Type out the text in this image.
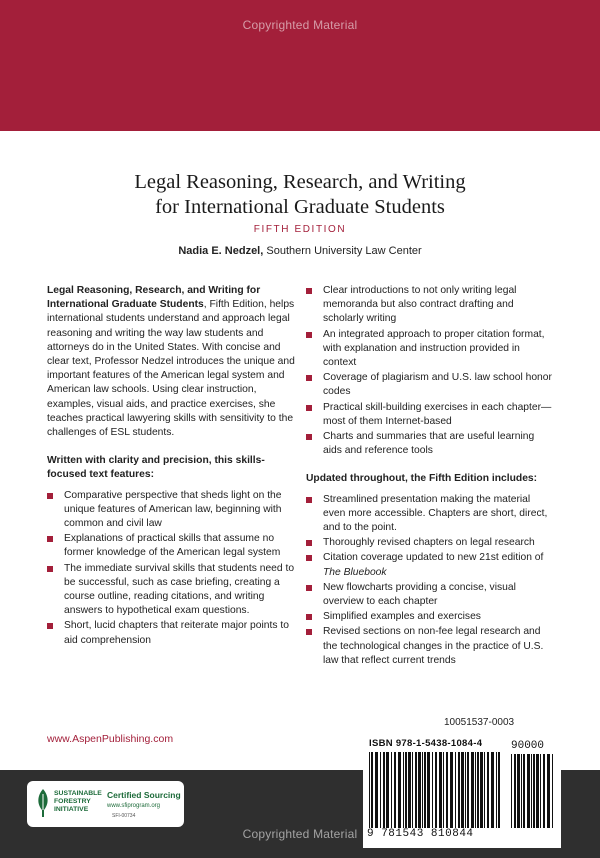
Copyrighted Material
Legal Reasoning, Research, and Writing
for International Graduate Students
FIFTH EDITION
Nadia E. Nedzel, Southern University Law Center

Legal Reasoning, Research, and Writing for International Graduate Students, Fifth Edition, helps international students understand and approach legal reasoning and writing the way law students and attorneys do in the United States. With concise and clear text, Professor Nedzel introduces the unique and important features of the American legal system and American law schools. Using clear instruction, examples, visual aids, and practice exercises, she teaches practical lawyering skills with sensitivity to the challenges of ESL students.

Written with clarity and precision, this skills-focused text features:

Comparative perspective that sheds light on the unique features of American law, beginning with common and civil law
Explanations of practical skills that assume no former knowledge of the American legal system
The immediate survival skills that students need to be successful, such as case briefing, creating a course outline, reading citations, and writing answers to hypothetical exam questions.
Short, lucid chapters that reiterate major points to aid comprehension
Clear introductions to not only writing legal memoranda but also contract drafting and scholarly writing
An integrated approach to proper citation format, with explanation and instruction provided in context
Coverage of plagiarism and U.S. law school honor codes
Practical skill-building exercises in each chapter—most of them Internet-based
Charts and summaries that are useful learning aids and reference tools

Updated throughout, the Fifth Edition includes:

Streamlined presentation making the material even more accessible. Chapters are short, direct, and to the point.
Thoroughly revised chapters on legal research
Citation coverage updated to new 21st edition of The Bluebook
New flowcharts providing a concise, visual overview to each chapter
Simplified examples and exercises
Revised sections on non-fee legal research and the technological changes in the practice of U.S. law that reflect current trends
10051537-0003
www.AspenPublishing.com
Copyrighted Material
SUSTAINABLE
FORESTRY
INITIATIVE
Certified Sourcing
www.sfiprogram.org
SFI-00734
ISBN 978-1-5438-1084-4
9 781543 810844
90000
